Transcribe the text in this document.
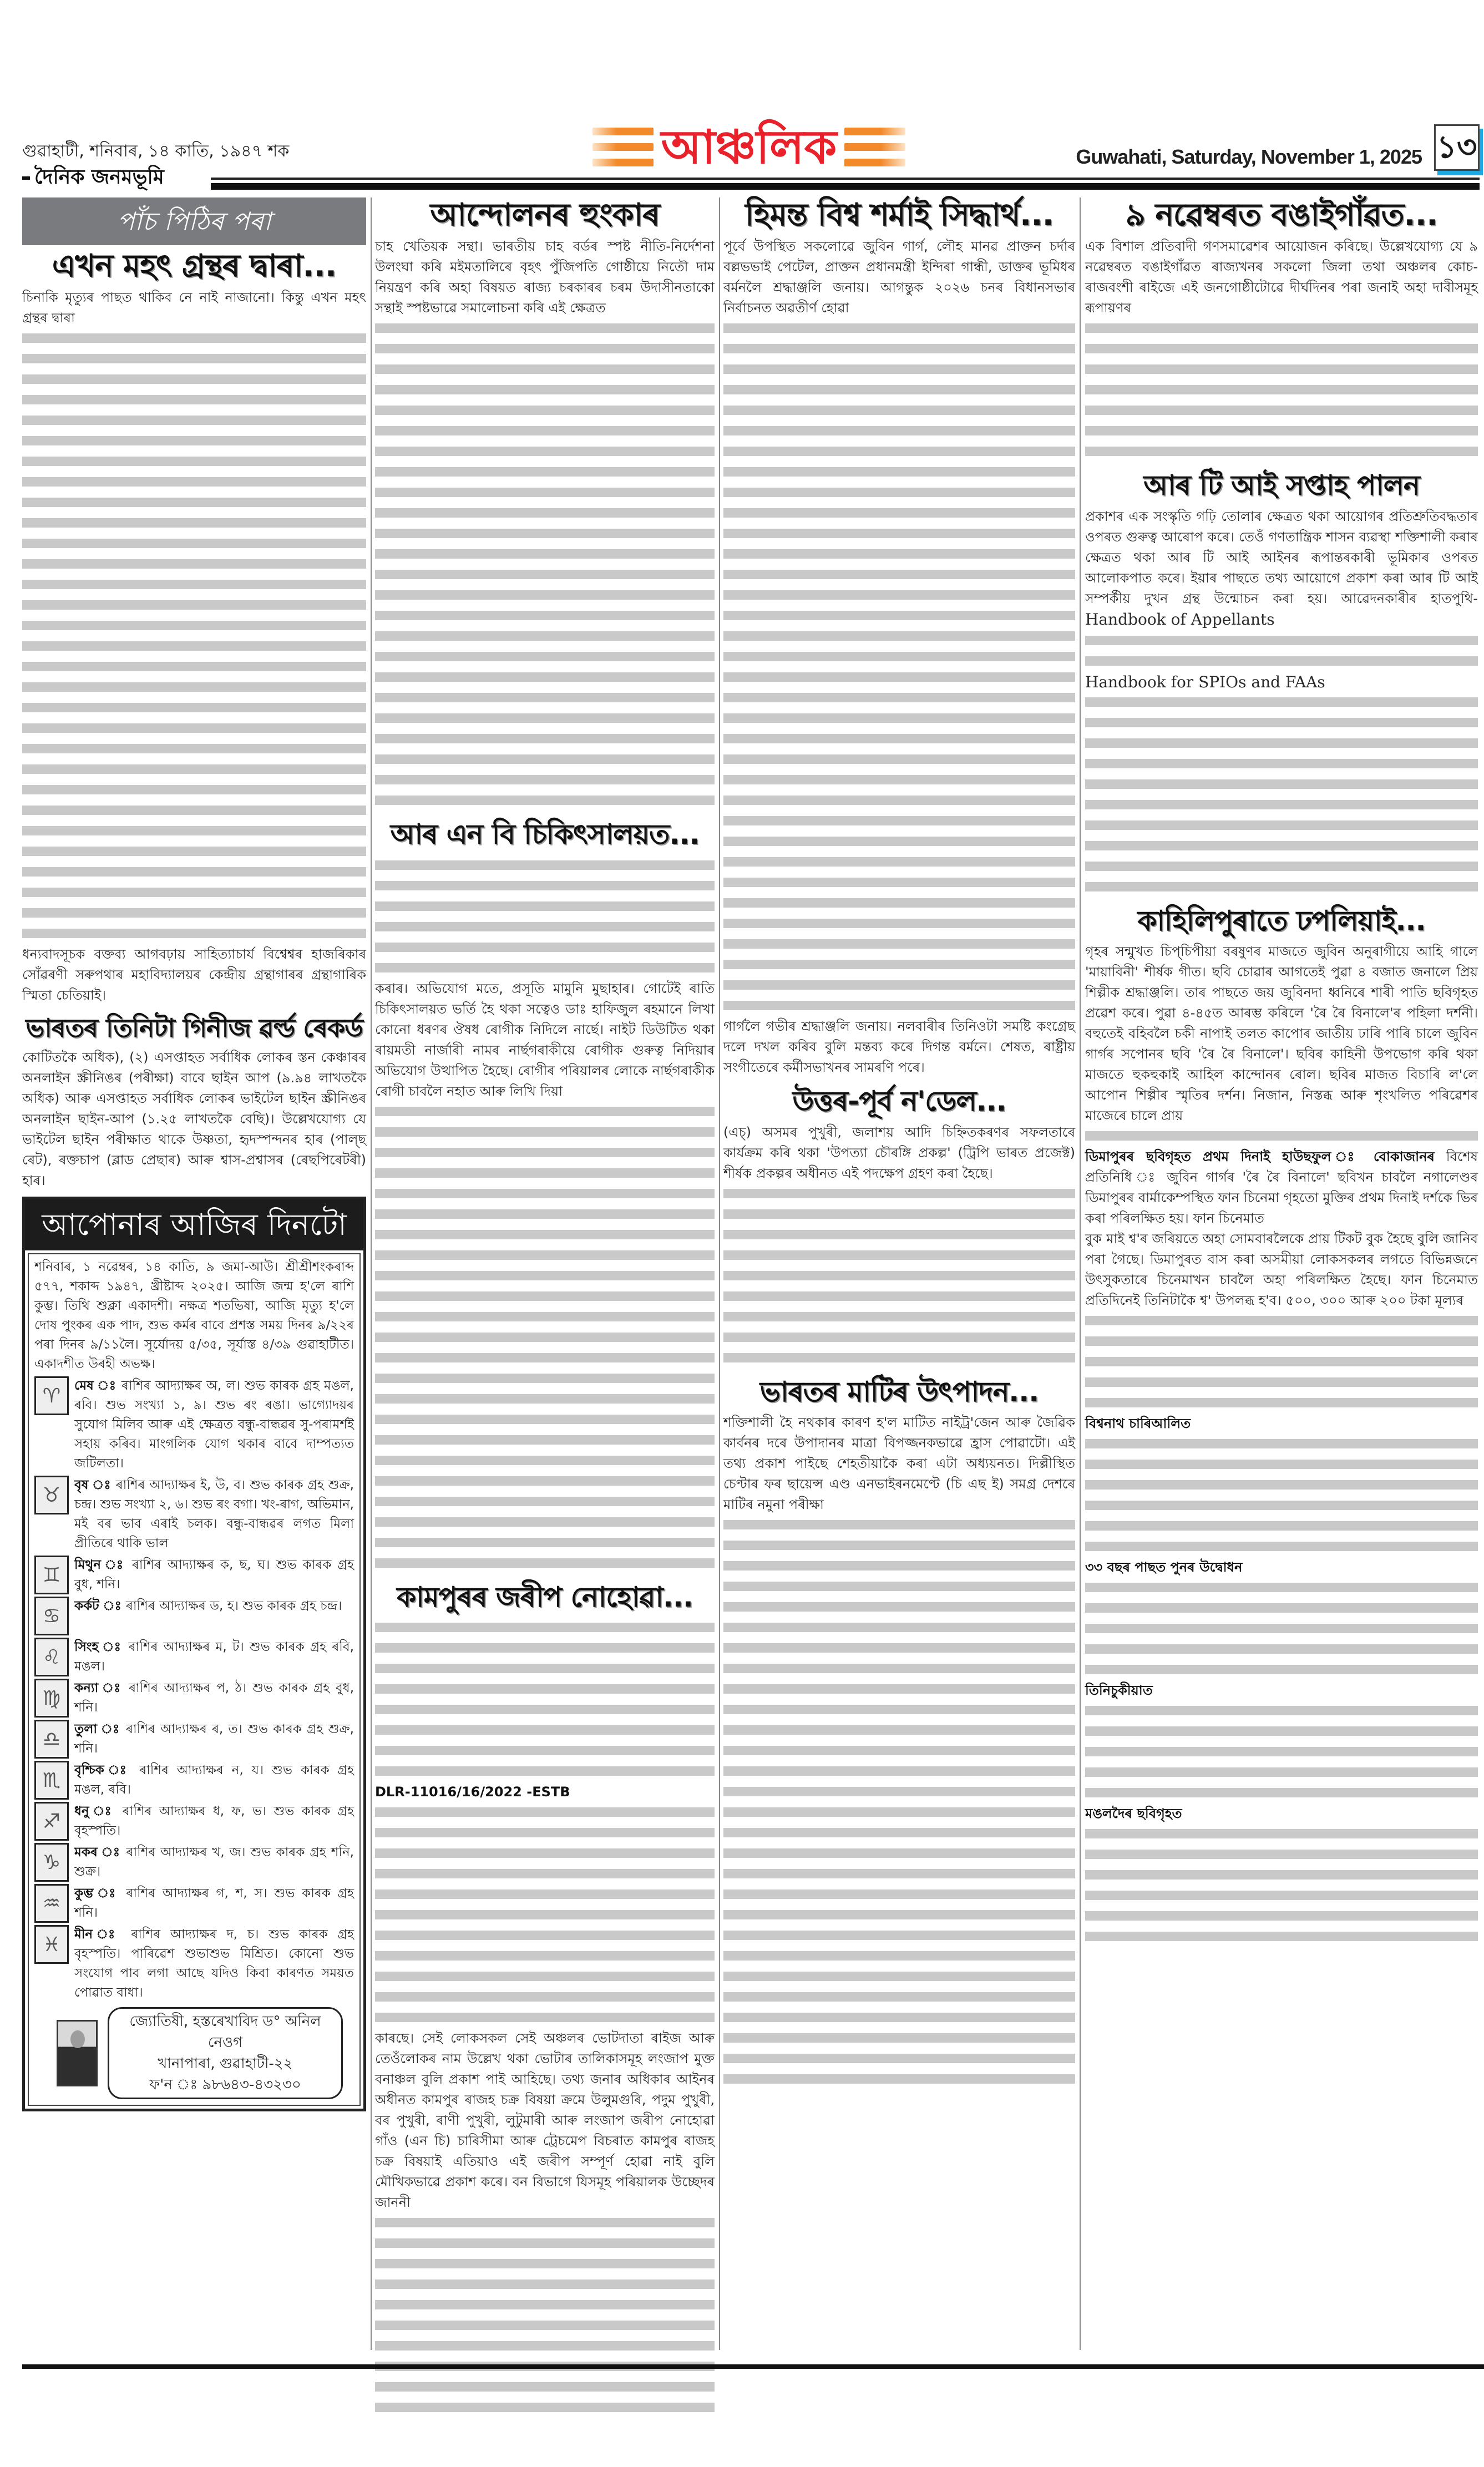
গুৱাহাটী, শনিবাৰ, ১৪ কাতি, ১৯৪৭ শক
দৈনিক জনমভূমি
আঞ্চলিক	Guwahati, Saturday, November 1, 2025 ১৩
পাঁচ পিঠিৰ পৰা
এখন মহৎ গ্ৰন্থৰ দ্বাৰা...

চিনাকি মৃত্যুৰ পাছত থাকিব নে নাই নাজানো। কিন্তু এখন মহৎ গ্ৰন্থৰ দ্বাৰা

ধন্যবাদসূচক বক্তব্য আগবঢ়ায় সাহিত্যাচাৰ্য বিশ্বেশ্বৰ হাজৰিকাৰ সোঁৱৰণী সৰুপথাৰ মহাবিদ্যালয়ৰ কেন্দ্ৰীয় গ্ৰন্থাগাৰৰ গ্ৰন্থাগাৰিক স্মিতা চেতিয়াই।

ভাৰতৰ তিনিটা গিনীজ ৱৰ্ল্ড ৰেকৰ্ড

কোটিতকৈ অধিক), (২) এসপ্তাহত সৰ্বাধিক লোকৰ স্তন কেঞ্চাৰৰ অনলাইন স্ক্ৰীনিঙৰ (পৰীক্ষা) বাবে ছাইন আপ (৯.৯৪ লাখতকৈ অধিক) আৰু এসপ্তাহত সৰ্বাধিক লোকৰ ভাইটেল ছাইন স্ক্ৰীনিঙৰ অনলাইন ছাইন-আপ (১.২৫ লাখতকৈ বেছি)। উল্লেখযোগ্য যে ভাইটেল ছাইন পৰীক্ষাত থাকে উষ্ণতা, হৃদস্পন্দনৰ হাৰ (পাল্‌ছ ৰেট), ৰক্তচাপ (ব্লাড প্ৰেছাৰ) আৰু শ্বাস-প্ৰশ্বাসৰ (ৰেছপিৰেটৰী) হাৰ।

আপোনাৰ আজিৰ দিনটো

শনিবাৰ, ১ নৱেম্বৰ, ১৪ কাতি, ৯ জমা-আউ। শ্ৰীশ্ৰীশংকৰাব্দ ৫৭৭, শকাব্দ ১৯৪৭, খ্ৰীষ্টাব্দ ২০২৫। আজি জন্ম হ'লে ৰাশি কুম্ভ। তিথি শুক্লা একাদশী। নক্ষত্ৰ শতভিষা, আজি মৃত্যু হ'লে দোষ পুংকৰ এক পাদ, শুভ কৰ্মৰ বাবে প্ৰশস্ত সময় দিনৰ ৯/২২ৰ পৰা দিনৰ ৯/১১লৈ। সূৰ্যোদয় ৫/৩৫, সূৰ্যাস্ত ৪/৩৯ গুৱাহাটীত। একাদশীত উৰহী অভক্ষ।

♈	মেষ ঃ ৰাশিৰ আদ্যাক্ষৰ অ, ল। শুভ কাৰক গ্ৰহ মঙল, ৰবি। শুভ সংখ্যা ১, ৯। শুভ ৰং ৰঙা। ভাগ্যোদয়ৰ সুযোগ মিলিব আৰু এই ক্ষেত্ৰত বন্ধু-বান্ধৱৰ সু-পৰামৰ্শই সহায় কৰিব। মাংগলিক যোগ থকাৰ বাবে দাম্পত্যত জটিলতা।
♉	বৃষ ঃ ৰাশিৰ আদ্যাক্ষৰ ই, উ, ব। শুভ কাৰক গ্ৰহ শুক্ৰ, চন্দ্ৰ। শুভ সংখ্যা ২, ৬। শুভ ৰং বগা। খং-ৰাগ, অভিমান, মই বৰ ভাব এৰাই চলক। বন্ধু-বান্ধৱৰ লগত মিলা প্ৰীতিৰে থাকি ভাল
♊	মিথুন ঃ ৰাশিৰ আদ্যাক্ষৰ ক, ছ, ঘ। শুভ কাৰক গ্ৰহ বুধ, শনি।
♋	কৰ্কট ঃ ৰাশিৰ আদ্যাক্ষৰ ড, হ। শুভ কাৰক গ্ৰহ চন্দ্ৰ।
♌	সিংহ ঃ ৰাশিৰ আদ্যাক্ষৰ ম, ট। শুভ কাৰক গ্ৰহ ৰবি, মঙল।
♍	কন্যা ঃ ৰাশিৰ আদ্যাক্ষৰ প, ঠ। শুভ কাৰক গ্ৰহ বুধ, শনি।
♎	তুলা ঃ ৰাশিৰ আদ্যাক্ষৰ ৰ, ত। শুভ কাৰক গ্ৰহ শুক্ৰ, শনি।
♏	বৃশ্চিক ঃ ৰাশিৰ আদ্যাক্ষৰ ন, য। শুভ কাৰক গ্ৰহ মঙল, ৰবি।
♐	ধনু ঃ ৰাশিৰ আদ্যাক্ষৰ ধ, ফ, ভ। শুভ কাৰক গ্ৰহ বৃহস্পতি।
♑	মকৰ ঃ ৰাশিৰ আদ্যাক্ষৰ খ, জ। শুভ কাৰক গ্ৰহ শনি, শুক্ৰ।
♒	কুম্ভ ঃ ৰাশিৰ আদ্যাক্ষৰ গ, শ, স। শুভ কাৰক গ্ৰহ শনি।
♓	মীন ঃ ৰাশিৰ আদ্যাক্ষৰ দ, চ। শুভ কাৰক গ্ৰহ বৃহস্পতি। পাৰিৱেশ শুভাশুভ মিশ্ৰিত। কোনো শুভ সংযোগ পাব লগা আছে যদিও কিবা কাৰণত সময়ত পোৱাত বাধা।
জ্যোতিষী, হস্তৰেখাবিদ ড° অনিল নেওগ
খানাপাৰা, গুৱাহাটী-২২
ফ'ন ঃ ৯৮৬৪৩-৪৩২৩০
আন্দোলনৰ হুংকাৰ

চাহ খেতিয়ক সন্থা। ভাৰতীয় চাহ বৰ্ডৰ স্পষ্ট নীতি-নিৰ্দেশনা উলংঘা কৰি মইমতালিৰে বৃহৎ পুঁজিপতি গোষ্ঠীয়ে নিতৌ দাম নিয়ন্ত্ৰণ কৰি অহা বিষয়ত ৰাজ্য চৰকাৰৰ চৰম উদাসীনতাকো সন্থাই স্পষ্টভাৱে সমালোচনা কৰি এই ক্ষেত্ৰত

আৰ এন বি চিকিৎসালয়ত...

কৰাৰ। অভিযোগ মতে, প্ৰসূতি মামুনি মুছাহাৰ। গোটেই ৰাতি চিকিৎসালয়ত ভৰ্তি হৈ থকা সত্বেও ডাঃ হাফিজুল ৰহমানে লিখা কোনো ধৰণৰ ঔষধ ৰোগীক নিদিলে নাৰ্ছে। নাইট ডিউটিত থকা ৰায়মতী নাৰ্জাৰী নামৰ নাৰ্ছগৰাকীয়ে ৰোগীক গুৰুত্ব নিদিয়াৰ অভিযোগ উত্থাপিত হৈছে। ৰোগীৰ পৰিয়ালৰ লোকে নাৰ্ছগৰাকীক ৰোগী চাবলৈ নহাত আৰু লিখি দিয়া

কামপুৰৰ জৰীপ নোহোৱা...

DLR-11016/16/2022 -ESTB

কাৰছে। সেই লোকসকল সেই অঞ্চলৰ ভোটদাতা ৰাইজ আৰু তেওঁলোকৰ নাম উল্লেখ থকা ভোটাৰ তালিকাসমূহ লংজাপ মুক্ত বনাঞ্চল বুলি প্ৰকাশ পাই আহিছে। তথ্য জনাৰ অধিকাৰ আইনৰ অধীনত কামপুৰ ৰাজহ চক্ৰ বিষয়া ক্ৰমে উলুমগুৰি, পদুম পুখুৰী, বৰ পুখুৰী, ৰাণী পুখুৰী, লুটুমাৰী আৰু লংজাপ জৰীপ নোহোৱা গাঁও (এন চি) চাৰিসীমা আৰু ট্ৰেচমেপ বিচৰাত কামপুৰ ৰাজহ চক্ৰ বিষয়াই এতিয়াও এই জৰীপ সম্পূৰ্ণ হোৱা নাই বুলি মৌখিকভাৱে প্ৰকাশ কৰে। বন বিভাগে যিসমূহ পৰিয়ালক উচ্ছেদৰ জাননী

হিমন্ত বিশ্ব শৰ্মাই সিদ্ধাৰ্থ...

পূৰ্বে উপস্থিত সকলোৱে জুবিন গাৰ্গ, লৌহ মানৱ প্ৰাক্তন চৰ্দাৰ বল্লভভাই পেটেল, প্ৰাক্তন প্ৰধানমন্ত্ৰী ইন্দিৰা গান্ধী, ডাক্তৰ ভূমিধৰ বৰ্মনলৈ শ্ৰদ্ধাঞ্জলি জনায়। আগন্তুক ২০২৬ চনৰ বিধানসভাৰ নিৰ্বাচনত অৱতীৰ্ণ হোৱা

গাৰ্গলৈ গভীৰ শ্ৰদ্ধাঞ্জলি জনায়। নলবাৰীৰ তিনিওটা সমষ্টি কংগ্ৰেছ দলে দখল কৰিব বুলি মন্তব্য কৰে দিগন্ত বৰ্মনে। শেষত, ৰাষ্ট্ৰীয় সংগীতেৰে কৰ্মীসভাখনৰ সামৰণি পৰে।

উত্তৰ-পূৰ্ব ন'ডেল...

(এচ্‌) অসমৰ পুখুৰী, জলাশয় আদি চিহ্নিতকৰণৰ সফলতাৰে কাৰ্যক্ৰম কৰি থকা 'উপত্যা চৌৰঙ্গি প্ৰকল্প' (ট্ৰিপি ভাৰত প্ৰজেক্ট) শীৰ্ষক প্ৰকল্পৰ অধীনত এই পদক্ষেপ গ্ৰহণ কৰা হৈছে।

ভাৰতৰ মাটিৰ উৎপাদন...

শক্তিশালী হৈ নথকাৰ কাৰণ হ'ল মাটিত নাইট্ৰ'জেন আৰু জৈৱিক কাৰ্বনৰ দৰে উপাদানৰ মাত্ৰা বিপজ্জনকভাৱে হ্ৰাস পোৱাটো। এই তথ্য প্ৰকাশ পাইছে শেহতীয়াকৈ কৰা এটা অধ্যয়নত। দিল্লীস্থিত চেণ্টাৰ ফৰ ছায়েন্স এণ্ড এনভাইৰনমেণ্টে (চি এছ ই) সমগ্ৰ দেশৰে মাটিৰ নমুনা পৰীক্ষা

৯ নৱেম্বৰত বঙাইগাঁৱত...

এক বিশাল প্ৰতিবাদী গণসমাৱেশৰ আয়োজন কৰিছে। উল্লেখযোগ্য যে ৯ নৱেম্বৰত বঙাইগাঁৱত ৰাজ্যখনৰ সকলো জিলা তথা অঞ্চলৰ কোচ-ৰাজবংশী ৰাইজে এই জনগোষ্ঠীটোৱে দীৰ্ঘদিনৰ পৰা জনাই অহা দাবীসমূহ ৰূপায়ণৰ

আৰ টি আই সপ্তাহ পালন

প্ৰকাশৰ এক সংস্কৃতি গঢ়ি তোলাৰ ক্ষেত্ৰত থকা আয়োগৰ প্ৰতিশ্ৰুতিবদ্ধতাৰ ওপৰত গুৰুত্ব আৰোপ কৰে। তেওঁ গণতান্ত্ৰিক শাসন ব্যৱস্থা শক্তিশালী কৰাৰ ক্ষেত্ৰত থকা আৰ টি আই আইনৰ ৰূপান্তৰকাৰী ভূমিকাৰ ওপৰত আলোকপাত কৰে। ইয়াৰ পাছতে তথ্য আয়োগে প্ৰকাশ কৰা আৰ টি আই সম্পৰ্কীয় দুখন গ্ৰন্থ উন্মোচন কৰা হয়। আৱেদনকাৰীৰ হাতপুথি- Handbook of Appellants

Handbook for SPIOs and FAAs

কাহিলিপুৰাতে ঢপলিয়াই...

গৃহৰ সন্মুখত চিপ্‌চিপীয়া বৰষুণৰ মাজতে জুবিন অনুৰাগীয়ে আহি গালে 'মায়াবিনী' শীৰ্ষক গীত। ছবি চোৱাৰ আগতেই পুৱা ৪ বজাত জনালে প্ৰিয় শিল্পীক শ্ৰদ্ধাঞ্জলি। তাৰ পাছতে জয় জুবিনদা ধ্বনিৰে শাৰী পাতি ছবিগৃহত প্ৰৱেশ কৰে। পুৱা ৪-৪৫ত আৰম্ভ কৰিলে 'ৰৈ ৰৈ বিনালে'ৰ পহিলা দৰ্শনী। বহুতেই বহিবলৈ চকী নাপাই তলত কাপোৰ জাতীয় ঢাৰি পাৰি চালে জুবিন গাৰ্গৰ সপোনৰ ছবি 'ৰৈ ৰৈ বিনালে'। ছবিৰ কাহিনী উপভোগ কৰি থকা মাজতে হুকহুকাই আহিল কান্দোনৰ ৰোল। ছবিৰ মাজত বিচাৰি ল'লে আপোন শিল্পীৰ স্মৃতিৰ দৰ্শন। নিজান, নিস্তব্ধ আৰু শৃংখলিত পৰিৱেশৰ মাজেৰে চালে প্ৰায়

ডিমাপুৰৰ ছবিগৃহত প্ৰথম দিনাই হাউছফুল ঃ বোকাজানৰ বিশেষ প্ৰতিনিধি ঃ জুবিন গাৰ্গৰ 'ৰৈ ৰৈ বিনালে' ছবিখন চাবলৈ নগালেণ্ডৰ ডিমাপুৰৰ বাৰ্মাকেম্পস্থিত ফান চিনেমা গৃহতো মুক্তিৰ প্ৰথম দিনাই দৰ্শকে ভিৰ কৰা পৰিলক্ষিত হয়। ফান চিনেমাত

বুক মাই শ্ব'ৰ জৰিয়তে অহা সোমবাৰলৈকে প্ৰায় টিকট বুক হৈছে বুলি জানিব পৰা গৈছে। ডিমাপুৰত বাস কৰা অসমীয়া লোকসকলৰ লগতে বিভিন্নজনে উৎসুকতাৰে চিনেমাখন চাবলৈ অহা পৰিলক্ষিত হৈছে। ফান চিনেমাত প্ৰতিদিনেই তিনিটাকৈ শ্ব' উপলব্ধ হ'ব। ৫০০, ৩০০ আৰু ২০০ টকা মূল্যৰ

বিশ্বনাথ চাৰিআলিত

৩৩ বছৰ পাছত পুনৰ উদ্বোধন

তিনিচুকীয়াত

মঙলদৈৰ ছবিগৃহত
